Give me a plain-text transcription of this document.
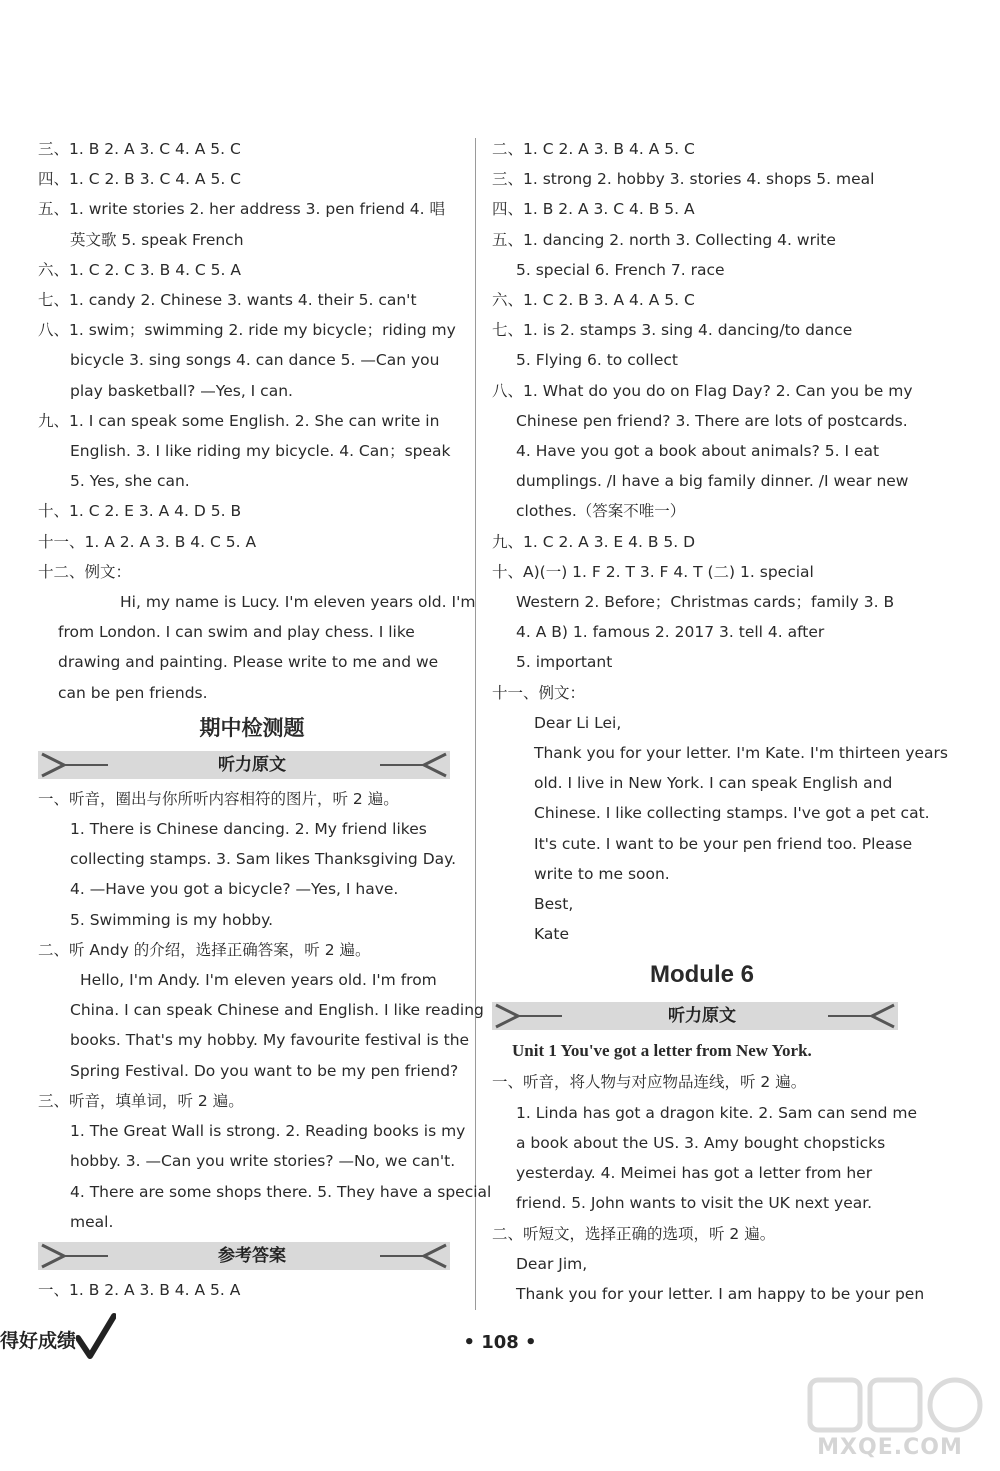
三、1. B 2. A 3. C 4. A 5. C
四、1. C 2. B 3. C 4. A 5. C
五、1. write stories 2. her address 3. pen friend 4. 唱
英文歌 5. speak French
六、1. C 2. C 3. B 4. C 5. A
七、1. candy 2. Chinese 3. wants 4. their 5. can't
八、1. swim；swimming 2. ride my bicycle；riding my
bicycle 3. sing songs 4. can dance 5. —Can you
play basketball? —Yes, I can.
九、1. I can speak some English. 2. She can write in
English. 3. I like riding my bicycle. 4. Can；speak
5. Yes, she can.
十、1. C 2. E 3. A 4. D 5. B
十一、1. A 2. A 3. B 4. C 5. A
十二、例文：
Hi, my name is Lucy. I'm eleven years old. I'm
from London. I can swim and play chess. I like
drawing and painting. Please write to me and we
can be pen friends.
期中检测题
听力原文
一、听音，圈出与你所听内容相符的图片，听 2 遍。
1. There is Chinese dancing. 2. My friend likes
collecting stamps. 3. Sam likes Thanksgiving Day.
4. —Have you got a bicycle? —Yes, I have.
5. Swimming is my hobby.
二、听 Andy 的介绍，选择正确答案，听 2 遍。
Hello, I'm Andy. I'm eleven years old. I'm from
China. I can speak Chinese and English. I like reading
books. That's my hobby. My favourite festival is the
Spring Festival. Do you want to be my pen friend?
三、听音，填单词，听 2 遍。
1. The Great Wall is strong. 2. Reading books is my
hobby. 3. —Can you write stories? —No, we can't.
4. There are some shops there. 5. They have a special
meal.
参考答案
一、1. B 2. A 3. B 4. A 5. A
二、1. C 2. A 3. B 4. A 5. C
三、1. strong 2. hobby 3. stories 4. shops 5. meal
四、1. B 2. A 3. C 4. B 5. A
五、1. dancing 2. north 3. Collecting 4. write
5. special 6. French 7. race
六、1. C 2. B 3. A 4. A 5. C
七、1. is 2. stamps 3. sing 4. dancing/to dance
5. Flying 6. to collect
八、1. What do you do on Flag Day? 2. Can you be my
Chinese pen friend? 3. There are lots of postcards.
4. Have you got a book about animals? 5. I eat
dumplings. /I have a big family dinner. /I wear new
clothes.（答案不唯一）
九、1. C 2. A 3. E 4. B 5. D
十、A)(一) 1. F 2. T 3. F 4. T (二) 1. special
Western 2. Before；Christmas cards；family 3. B
4. A B) 1. famous 2. 2017 3. tell 4. after
5. important
十一、例文：
Dear Li Lei,
Thank you for your letter. I'm Kate. I'm thirteen years
old. I live in New York. I can speak English and
Chinese. I like collecting stamps. I've got a pet cat.
It's cute. I want to be your pen friend too. Please
write to me soon.
Best,
Kate
Module 6
听力原文
Unit 1 You've got a letter from New York.
一、听音，将人物与对应物品连线，听 2 遍。
1. Linda has got a dragon kite. 2. Sam can send me
a book about the US. 3. Amy bought chopsticks
yesterday. 4. Meimei has got a letter from her
friend. 5. John wants to visit the UK next year.
二、听短文，选择正确的选项，听 2 遍。
Dear Jim,
Thank you for your letter. I am happy to be your pen
得好成绩	• 108 •
MXQE.COM
